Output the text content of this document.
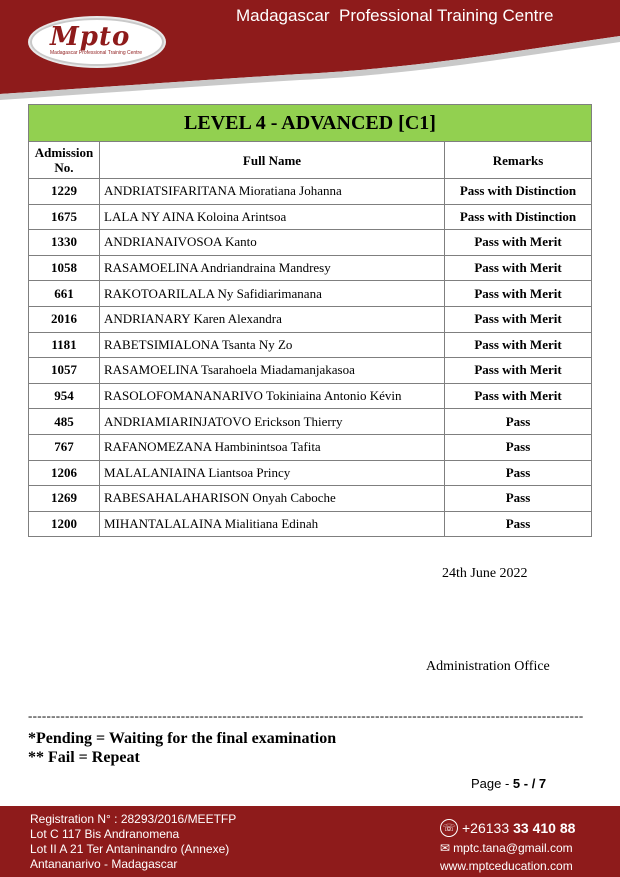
Mpto
Madagascar Professional Training Centre
Madagascar  Professional Training Centre
LEVEL 4 - ADVANCED [C1]		
Admission
No.	Full Name	Remarks
1229	ANDRIATSIFARITANA Mioratiana Johanna	Pass with Distinction
1675	LALA NY AINA Koloina Arintsoa	Pass with Distinction
1330	ANDRIANAIVOSOA Kanto	Pass with Merit
1058	RASAMOELINA Andriandraina Mandresy	Pass with Merit
661	RAKOTOARILALA Ny Safidiarimanana	Pass with Merit
2016	ANDRIANARY Karen Alexandra	Pass with Merit
1181	RABETSIMIALONA Tsanta Ny Zo	Pass with Merit
1057	RASAMOELINA Tsarahoela Miadamanjakasoa	Pass with Merit
954	RASOLOFOMANANARIVO Tokiniaina Antonio Kévin	Pass with Merit
485	ANDRIAMIARINJATOVO Erickson Thierry	Pass
767	RAFANOMEZANA Hambinintsoa Tafita	Pass
1206	MALALANIAINA Liantsoa Princy	Pass
1269	RABESAHALAHARISON Onyah Caboche	Pass
1200	MIHANTALALAINA Mialitiana Edinah	Pass
24th June 2022
Administration Office
------------------------------------------------------------------------------------------------------------------------
*Pending = Waiting for the final examination
** Fail = Repeat
Page - 5 - / 7
Registration N° : 28293/2016/MEETFP
Lot C 117 Bis Andranomena
Lot II A 21 Ter Antaninandro (Annexe)
Antananarivo - Madagascar
☏ +26133 33 410 88
✉ mptc.tana@gmail.com
www.mptceducation.com
